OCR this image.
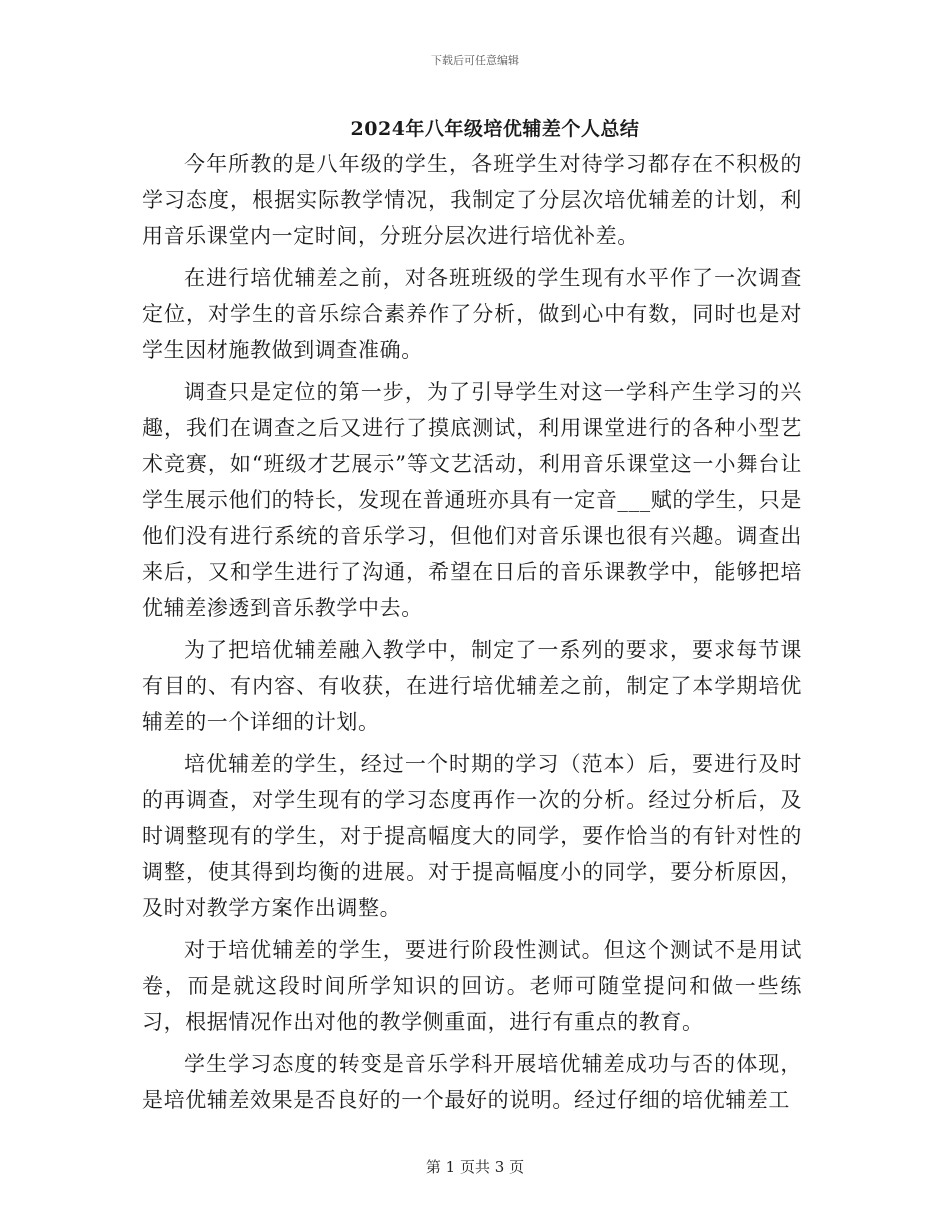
下载后可任意编辑
2024年八年级培优辅差个人总结

今年所教的是八年级的学生，各班学生对待学习都存在不积极的学习态度，根据实际教学情况，我制定了分层次培优辅差的计划，利用音乐课堂内一定时间，分班分层次进行培优补差。

在进行培优辅差之前，对各班班级的学生现有水平作了一次调查定位，对学生的音乐综合素养作了分析，做到心中有数，同时也是对学生因材施教做到调查准确。

调查只是定位的第一步，为了引导学生对这一学科产生学习的兴趣，我们在调查之后又进行了摸底测试，利用课堂进行的各种小型艺术竞赛，如“班级才艺展示”等文艺活动，利用音乐课堂这一小舞台让学生展示他们的特长，发现在普通班亦具有一定音___赋的学生，只是他们没有进行系统的音乐学习，但他们对音乐课也很有兴趣。调查出来后，又和学生进行了沟通，希望在日后的音乐课教学中，能够把培优辅差渗透到音乐教学中去。

为了把培优辅差融入教学中，制定了一系列的要求，要求每节课有目的、有内容、有收获，在进行培优辅差之前，制定了本学期培优辅差的一个详细的计划。

培优辅差的学生，经过一个时期的学习（范本）后，要进行及时的再调查，对学生现有的学习态度再作一次的分析。经过分析后，及时调整现有的学生，对于提高幅度大的同学，要作恰当的有针对性的调整，使其得到均衡的进展。对于提高幅度小的同学，要分析原因，及时对教学方案作出调整。

对于培优辅差的学生，要进行阶段性测试。但这个测试不是用试卷，而是就这段时间所学知识的回访。老师可随堂提问和做一些练习，根据情况作出对他的教学侧重面，进行有重点的教育。

学生学习态度的转变是音乐学科开展培优辅差成功与否的体现，是培优辅差效果是否良好的一个最好的说明。经过仔细的培优辅差工

第 1 页共 3 页
